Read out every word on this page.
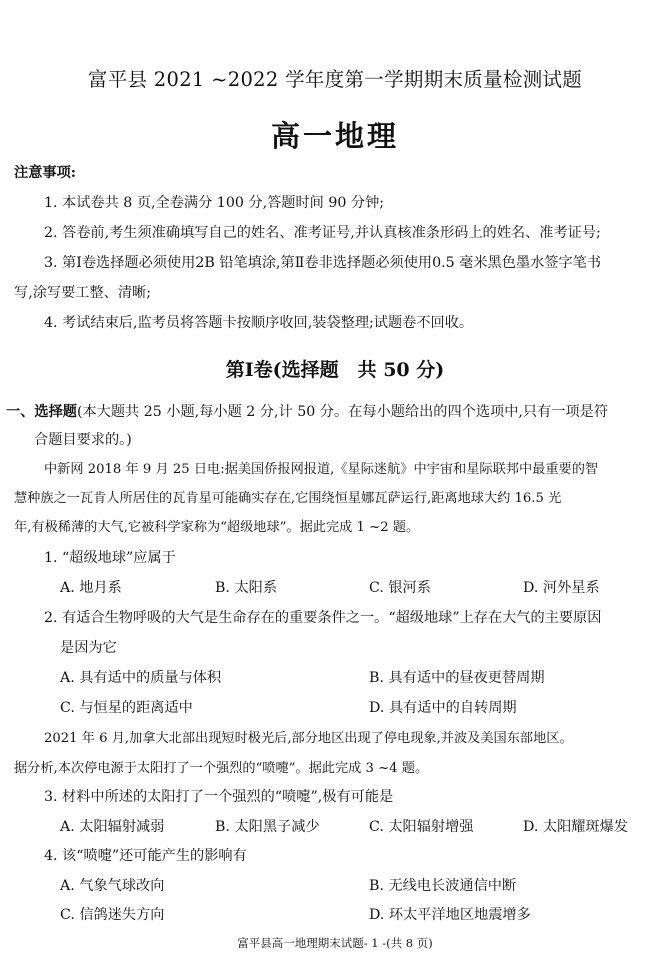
富平县 2021 ~2022 学年度第一学期期末质量检测试题
高一地理
注意事项:
1. 本试卷共 8 页,全卷满分 100 分,答题时间 90 分钟;
2. 答卷前,考生须准确填写自己的姓名、准考证号,并认真核准条形码上的姓名、准考证号;
3. 第Ⅰ卷选择题必须使用2B 铅笔填涂,第Ⅱ卷非选择题必须使用0.5 毫米黑色墨水签字笔书
写,涂写要工整、清晰;
4. 考试结束后,监考员将答题卡按顺序收回,装袋整理;试题卷不回收。
第Ⅰ卷(选择题　共 50 分)
一、选择题(本大题共 25 小题,每小题 2 分,计 50 分。在每小题给出的四个选项中,只有一项是符
合题目要求的。)
中新网 2018 年 9 月 25 日电:据美国侨报网报道,《星际迷航》中宇宙和星际联邦中最重要的智
慧种族之一瓦肯人所居住的瓦肯星可能确实存在,它围绕恒星娜瓦萨运行,距离地球大约 16.5 光
年,有极稀薄的大气,它被科学家称为“超级地球”。据此完成 1 ~2 题。
1. “超级地球”应属于
A. 地月系	B. 太阳系	C. 银河系	D. 河外星系
2. 有适合生物呼吸的大气是生命存在的重要条件之一。“超级地球”上存在大气的主要原因
是因为它
A. 具有适中的质量与体积	B. 具有适中的昼夜更替周期
C. 与恒星的距离适中	D. 具有适中的自转周期
2021 年 6 月,加拿大北部出现短时极光后,部分地区出现了停电现象,并波及美国东部地区。
据分析,本次停电源于太阳打了一个强烈的“喷嚏”。据此完成 3 ~4 题。
3. 材料中所述的太阳打了一个强烈的“喷嚏”,极有可能是
A. 太阳辐射减弱	B. 太阳黑子减少	C. 太阳辐射增强	D. 太阳耀斑爆发
4. 该“喷嚏”还可能产生的影响有
A. 气象气球改向	B. 无线电长波通信中断
C. 信鸽迷失方向	D. 环太平洋地区地震增多
富平县高一地理期末试题- 1 -(共 8 页)
